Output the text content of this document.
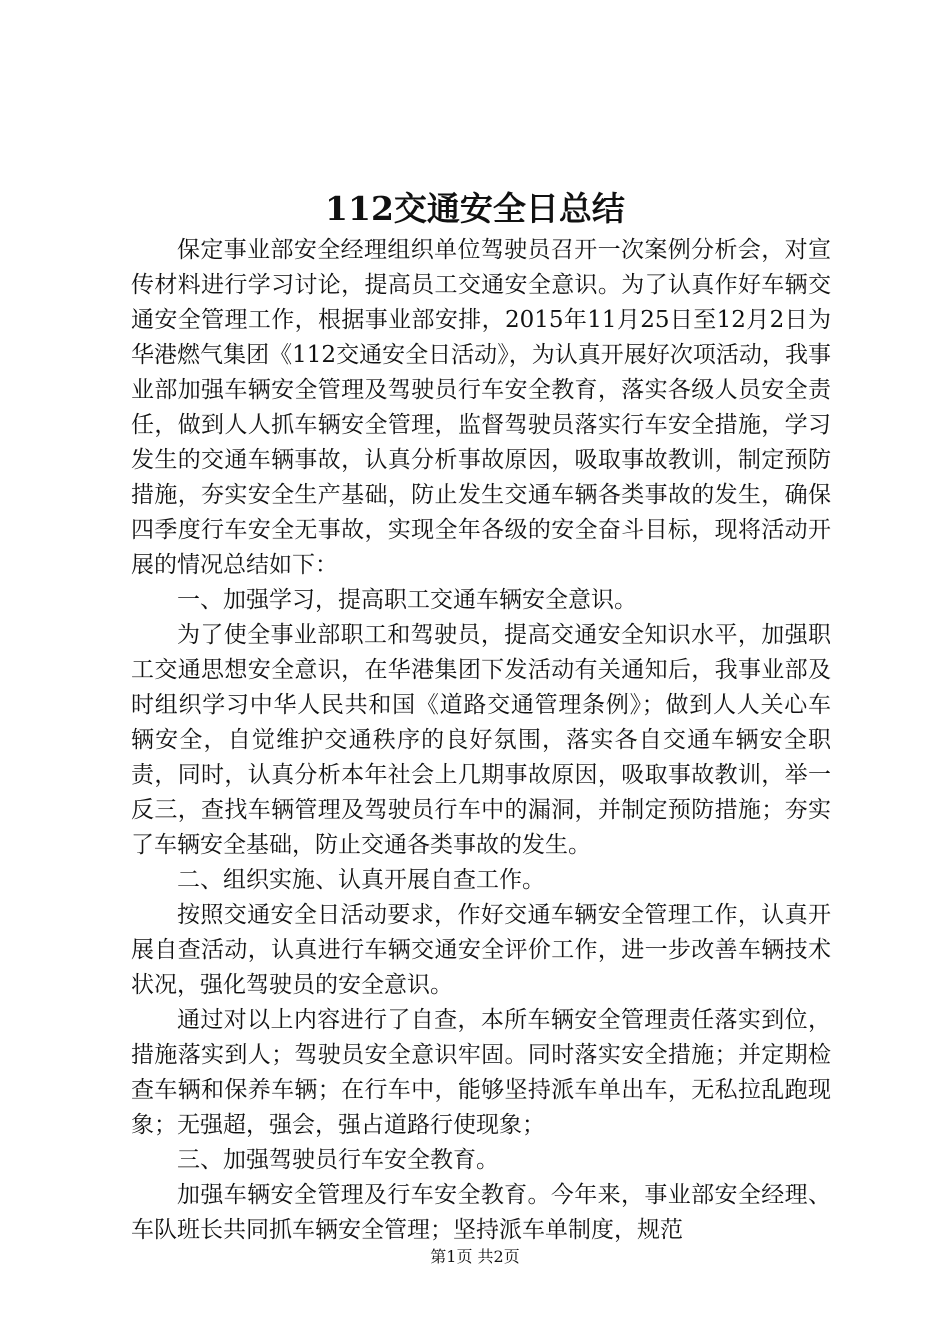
112交通安全日总结

保定事业部安全经理组织单位驾驶员召开一次案例分析会，对宣传材料进行学习讨论，提高员工交通安全意识。为了认真作好车辆交通安全管理工作，根据事业部安排，2015年11月25日至12月2日为华港燃气集团《112交通安全日活动》，为认真开展好次项活动，我事业部加强车辆安全管理及驾驶员行车安全教育，落实各级人员安全责任，做到人人抓车辆安全管理，监督驾驶员落实行车安全措施，学习发生的交通车辆事故，认真分析事故原因，吸取事故教训，制定预防措施，夯实安全生产基础，防止发生交通车辆各类事故的发生，确保四季度行车安全无事故，实现全年各级的安全奋斗目标，现将活动开展的情况总结如下：

一、加强学习，提高职工交通车辆安全意识。

为了使全事业部职工和驾驶员，提高交通安全知识水平，加强职工交通思想安全意识，在华港集团下发活动有关通知后，我事业部及时组织学习中华人民共和国《道路交通管理条例》；做到人人关心车辆安全，自觉维护交通秩序的良好氛围，落实各自交通车辆安全职责，同时，认真分析本年社会上几期事故原因，吸取事故教训，举一反三，查找车辆管理及驾驶员行车中的漏洞，并制定预防措施；夯实了车辆安全基础，防止交通各类事故的发生。

二、组织实施、认真开展自查工作。

按照交通安全日活动要求，作好交通车辆安全管理工作，认真开展自查活动，认真进行车辆交通安全评价工作，进一步改善车辆技术状况，强化驾驶员的安全意识。

通过对以上内容进行了自查，本所车辆安全管理责任落实到位，措施落实到人；驾驶员安全意识牢固。同时落实安全措施；并定期检查车辆和保养车辆；在行车中，能够坚持派车单出车，无私拉乱跑现象；无强超，强会，强占道路行使现象；

三、加强驾驶员行车安全教育。

加强车辆安全管理及行车安全教育。今年来，事业部安全经理、车队班长共同抓车辆安全管理；坚持派车单制度，规范

第1页 共2页
